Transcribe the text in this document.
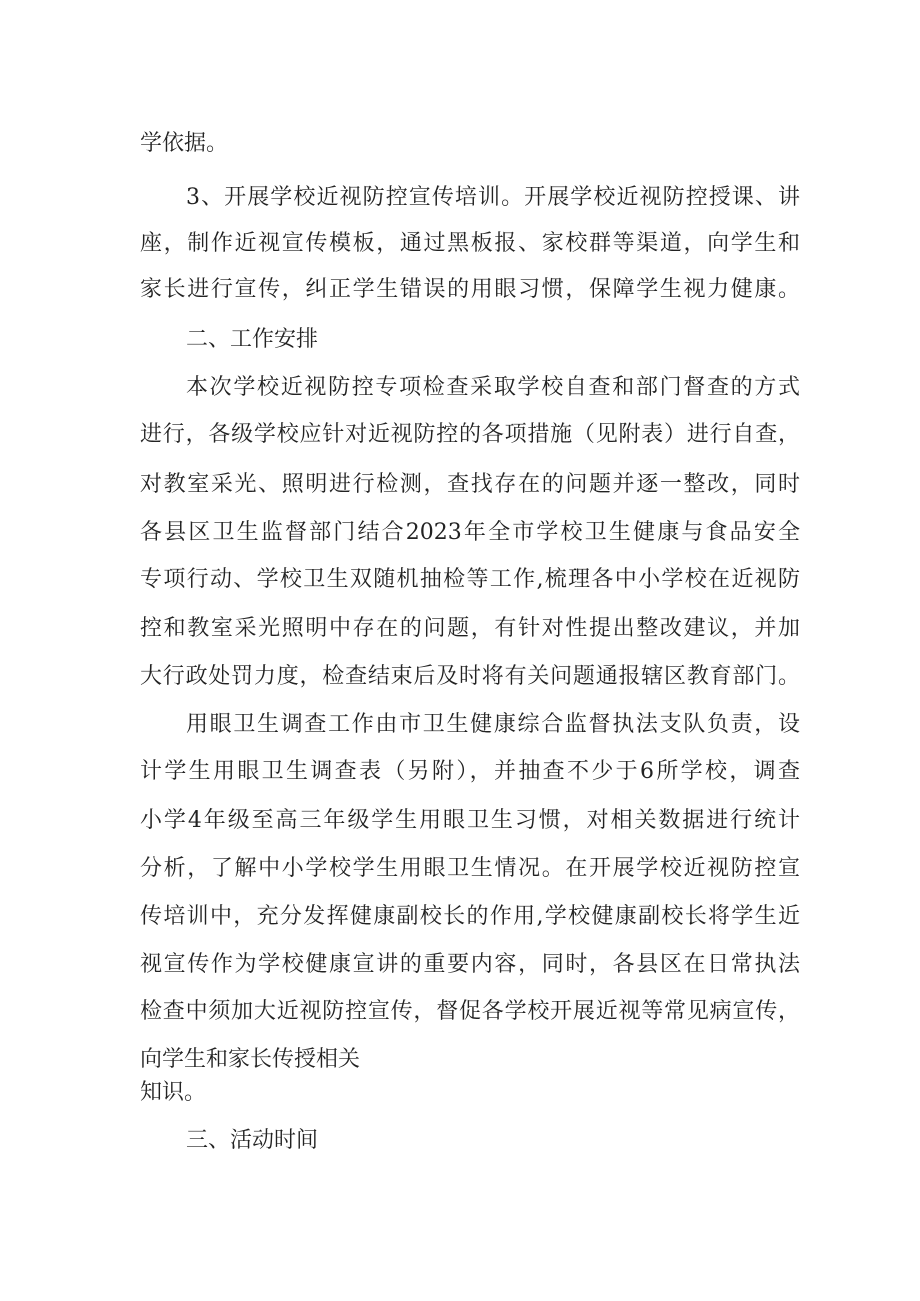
学依据。
3、开展学校近视防控宣传培训。开展学校近视防控授课、讲
座，制作近视宣传模板，通过黑板报、家校群等渠道，向学生和
家长进行宣传，纠正学生错误的用眼习惯，保障学生视力健康。
二、工作安排
本次学校近视防控专项检查采取学校自查和部门督查的方式
进行，各级学校应针对近视防控的各项措施（见附表）进行自查，
对教室采光、照明进行检测，查找存在的问题并逐一整改，同时
各县区卫生监督部门结合2023年全市学校卫生健康与食品安全
专项行动、学校卫生双随机抽检等工作,梳理各中小学校在近视防
控和教室采光照明中存在的问题，有针对性提出整改建议，并加
大行政处罚力度，检查结束后及时将有关问题通报辖区教育部门。
用眼卫生调查工作由市卫生健康综合监督执法支队负责，设
计学生用眼卫生调查表（另附），并抽查不少于6所学校，调查
小学4年级至高三年级学生用眼卫生习惯，对相关数据进行统计
分析，了解中小学校学生用眼卫生情况。在开展学校近视防控宣
传培训中，充分发挥健康副校长的作用,学校健康副校长将学生近
视宣传作为学校健康宣讲的重要内容，同时，各县区在日常执法
检查中须加大近视防控宣传，督促各学校开展近视等常见病宣传，
向学生和家长传授相关
知识。
三、活动时间
